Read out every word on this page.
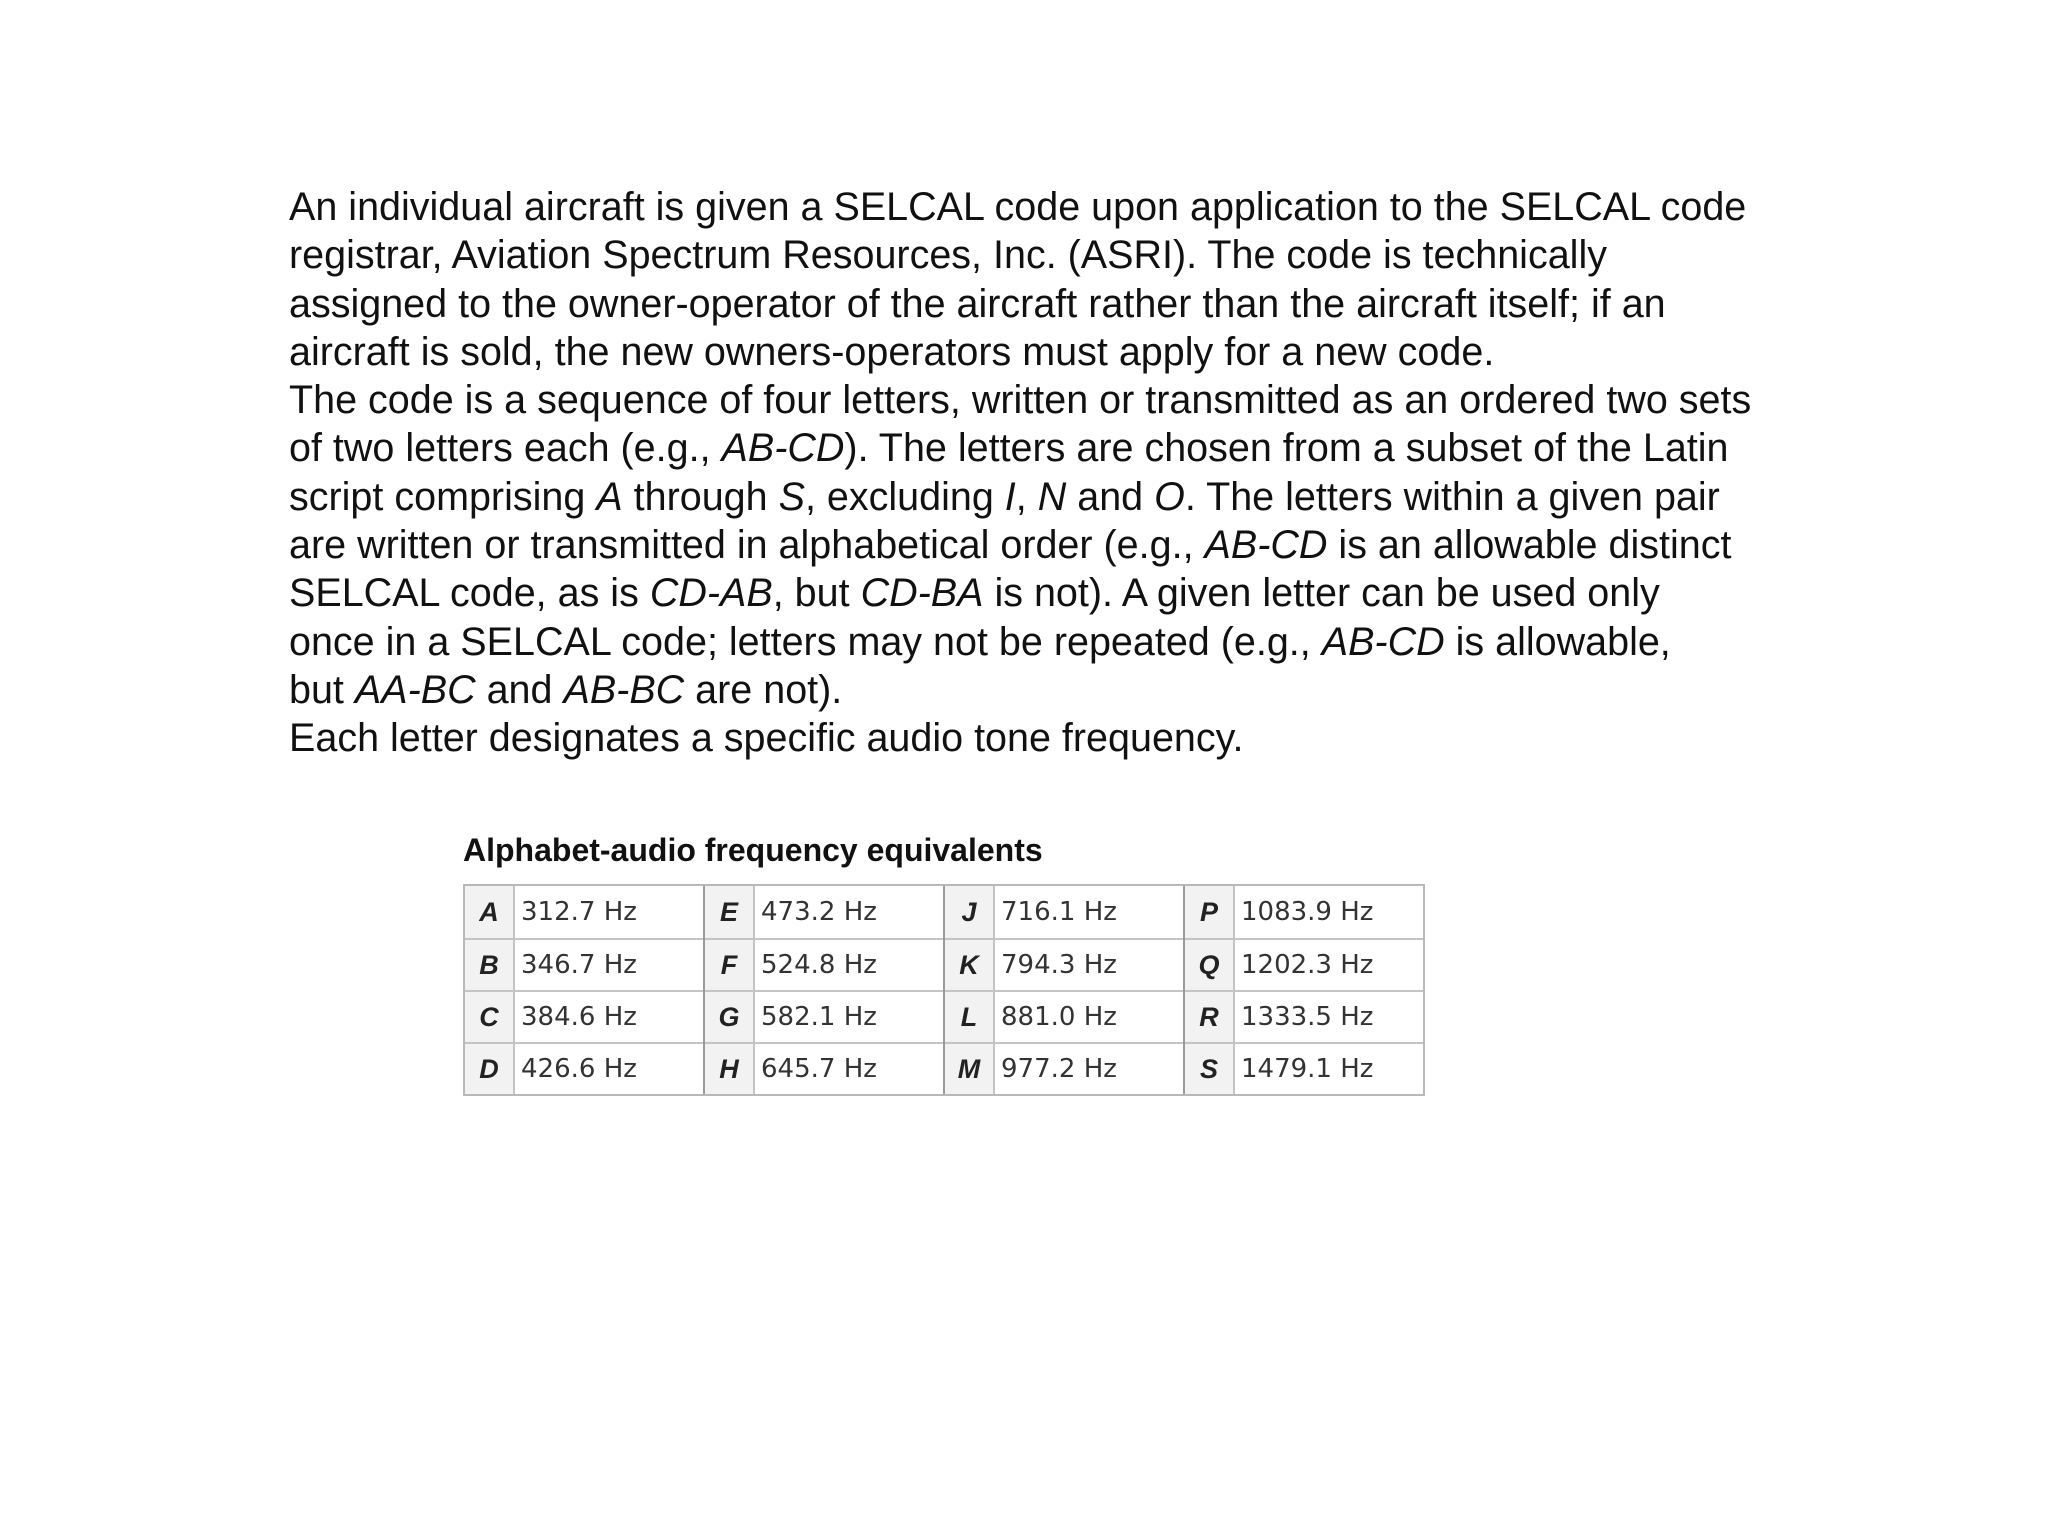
An individual aircraft is given a SELCAL code upon application to the SELCAL code
registrar, Aviation Spectrum Resources, Inc. (ASRI). The code is technically
assigned to the owner-operator of the aircraft rather than the aircraft itself; if an
aircraft is sold, the new owners-operators must apply for a new code.
The code is a sequence of four letters, written or transmitted as an ordered two sets
of two letters each (e.g., AB-CD). The letters are chosen from a subset of the Latin
script comprising A through S, excluding I, N and O. The letters within a given pair
are written or transmitted in alphabetical order (e.g., AB-CD is an allowable distinct
SELCAL code, as is CD-AB, but CD-BA is not). A given letter can be used only
once in a SELCAL code; letters may not be repeated (e.g., AB-CD is allowable,
but AA-BC and AB-BC are not).
Each letter designates a specific audio tone frequency.
Alphabet-audio frequency equivalents
A 312.7 Hz
B 346.7 Hz
C 384.6 Hz
D 426.6 Hz
E 473.2 Hz
F 524.8 Hz
G 582.1 Hz
H 645.7 Hz
J 716.1 Hz
K 794.3 Hz
L 881.0 Hz
M 977.2 Hz
P 1083.9 Hz
Q 1202.3 Hz
R 1333.5 Hz
S 1479.1 Hz
